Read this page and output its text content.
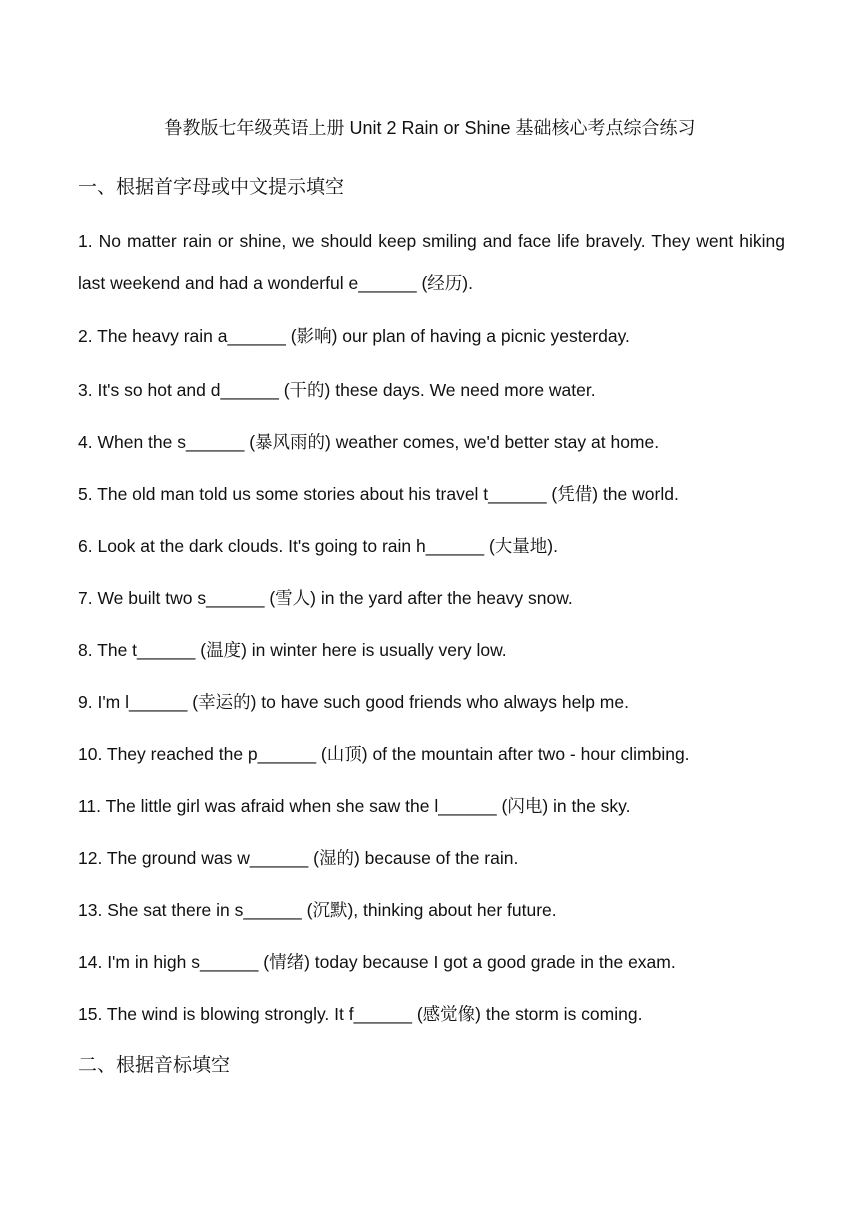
鲁教版七年级英语上册 Unit 2 Rain or Shine 基础核心考点综合练习
一、根据首字母或中文提示填空
1. No matter rain or shine, we should keep smiling and face life bravely. They went hiking last weekend and had a wonderful e______ (经历).
2. The heavy rain a______ (影响) our plan of having a picnic yesterday.
3. It's so hot and d______ (干的) these days. We need more water.
4. When the s______ (暴风雨的) weather comes, we'd better stay at home.
5. The old man told us some stories about his travel t______ (凭借) the world.
6. Look at the dark clouds. It's going to rain h______ (大量地).
7. We built two s______ (雪人) in the yard after the heavy snow.
8. The t______ (温度) in winter here is usually very low.
9. I'm l______ (幸运的) to have such good friends who always help me.
10. They reached the p______ (山顶) of the mountain after two - hour climbing.
11. The little girl was afraid when she saw the l______ (闪电) in the sky.
12. The ground was w______ (湿的) because of the rain.
13. She sat there in s______ (沉默), thinking about her future.
14. I'm in high s______ (情绪) today because I got a good grade in the exam.
15. The wind is blowing strongly. It f______ (感觉像) the storm is coming.
二、根据音标填空
